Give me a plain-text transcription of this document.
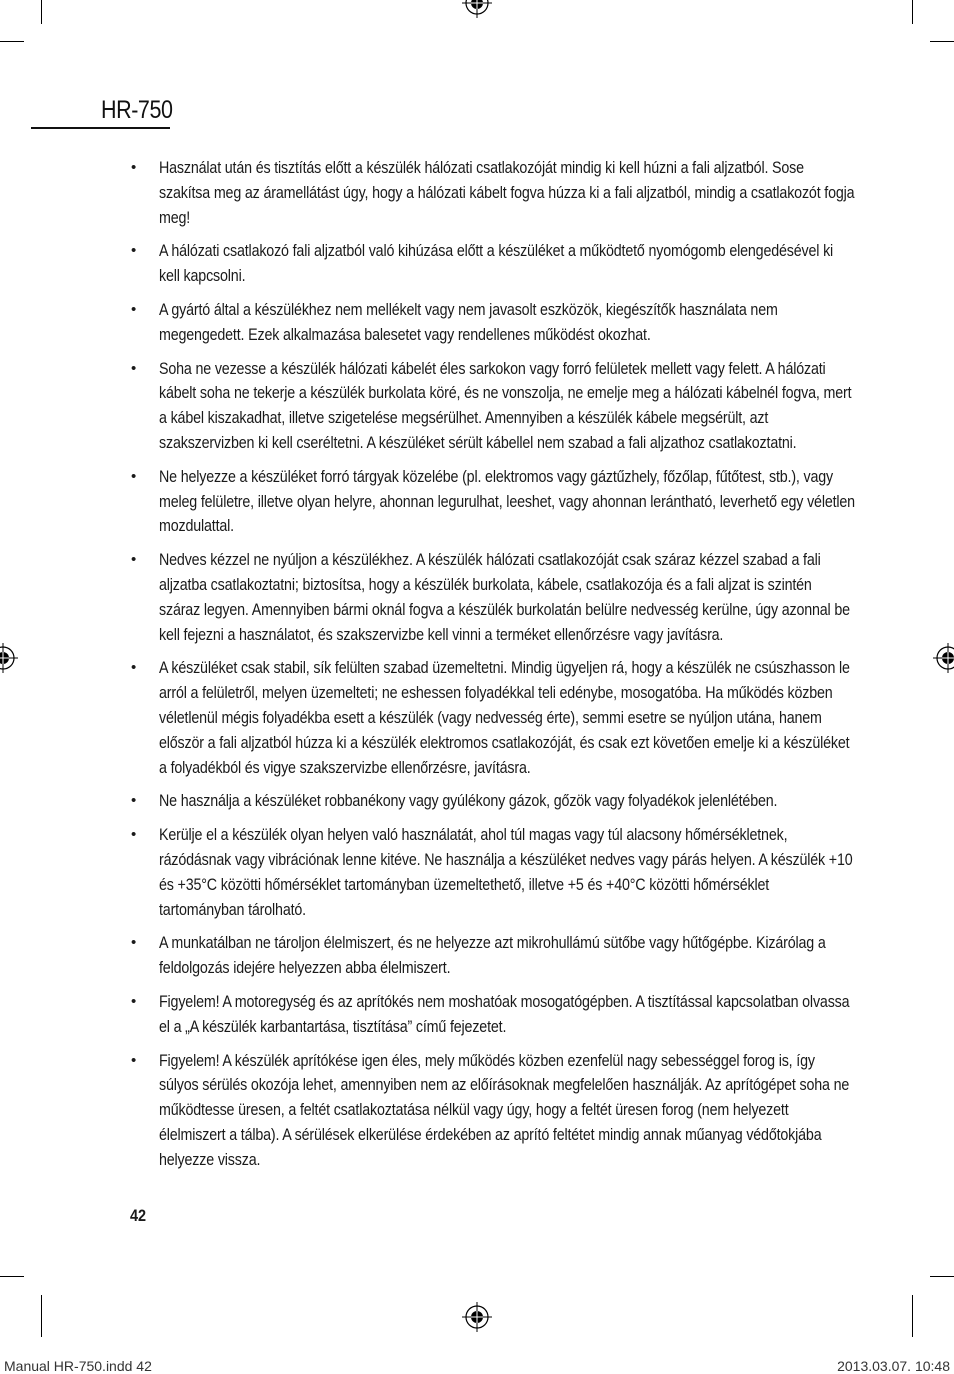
HR-750
• Használat után és tisztítás előtt a készülék hálózati csatlakozóját mindig ki kell húzni a fali aljzatból. Sose szakítsa meg az áramellátást úgy, hogy a hálózati kábelt fogva húzza ki a fali aljzatból, mindig a csatlakozót fogja meg!
• A hálózati csatlakozó fali aljzatból való kihúzása előtt a készüléket a működtető nyomógomb elengedésével ki kell kapcsolni.
• A gyártó által a készülékhez nem mellékelt vagy nem javasolt eszközök, kiegészítők használata nem megengedett. Ezek alkalmazása balesetet vagy rendellenes működést okozhat.
• Soha ne vezesse a készülék hálózati kábelét éles sarkokon vagy forró felületek mellett vagy felett. A hálózati kábelt soha ne tekerje a készülék burkolata köré, és ne vonszolja, ne emelje meg a hálózati kábelnél fogva, mert a kábel kiszakadhat, illetve szigetelése megsérülhet. Amennyiben a készülék kábele megsérült, azt szakszervizben ki kell cseréltetni. A készüléket sérült kábellel nem szabad a fali aljzathoz csatlakoztatni.
• Ne helyezze a készüléket forró tárgyak közelébe (pl. elektromos vagy gáztűzhely, főzőlap, fűtőtest, stb.), vagy meleg felületre, illetve olyan helyre, ahonnan legurulhat, leeshet, vagy ahonnan lerántható, leverhető egy véletlen mozdulattal.
• Nedves kézzel ne nyúljon a készülékhez. A készülék hálózati csatlakozóját csak száraz kézzel szabad a fali aljzatba csatlakoztatni; biztosítsa, hogy a készülék burkolata, kábele, csatlakozója és a fali aljzat is szintén száraz legyen. Amennyiben bármi oknál fogva a készülék burkolatán belülre nedvesség kerülne, úgy azonnal be kell fejezni a használatot, és szakszervizbe kell vinni a terméket ellenőrzésre vagy javításra.
• A készüléket csak stabil, sík felülten szabad üzemeltetni. Mindig ügyeljen rá, hogy a készülék ne csúszhasson le arról a felületről, melyen üzemelteti; ne eshessen folyadékkal teli edénybe, mosogatóba. Ha működés közben véletlenül mégis folyadékba esett a készülék (vagy nedvesség érte), semmi esetre se nyúljon utána, hanem először a fali aljzatból húzza ki a készülék elektromos csatlakozóját, és csak ezt követően emelje ki a készüléket a folyadékból és vigye szakszervizbe ellenőrzésre, javításra.
• Ne használja a készüléket robbanékony vagy gyúlékony gázok, gőzök vagy folyadékok jelenlétében.
• Kerülje el a készülék olyan helyen való használatát, ahol túl magas vagy túl alacsony hőmérsékletnek, rázódásnak vagy vibrációnak lenne kitéve. Ne használja a készüléket nedves vagy párás helyen. A készülék +10 és +35°C közötti hőmérséklet tartományban üzemeltethető, illetve +5 és +40°C közötti hőmérséklet tartományban tárolható.
• A munkatálban ne tároljon élelmiszert, és ne helyezze azt mikrohullámú sütőbe vagy hűtőgépbe. Kizárólag a feldolgozás idejére helyezzen abba élelmiszert.
• Figyelem! A motoregység és az aprítókés nem moshatóak mosogatógépben. A tisztítással kapcsolatban olvassa el a „A készülék karbantartása, tisztítása” című fejezetet.
• Figyelem! A készülék aprítókése igen éles, mely működés közben ezenfelül nagy sebességgel forog is, így súlyos sérülés okozója lehet, amennyiben nem az előírásoknak megfelelően használják. Az aprítógépet soha ne működtesse üresen, a feltét csatlakoztatása nélkül vagy úgy, hogy a feltét üresen forog (nem helyezett élelmiszert a tálba). A sérülések elkerülése érdekében az aprító feltétet mindig annak műanyag védőtokjába helyezze vissza.
42
Manual HR-750.indd 42	2013.03.07. 10:48
